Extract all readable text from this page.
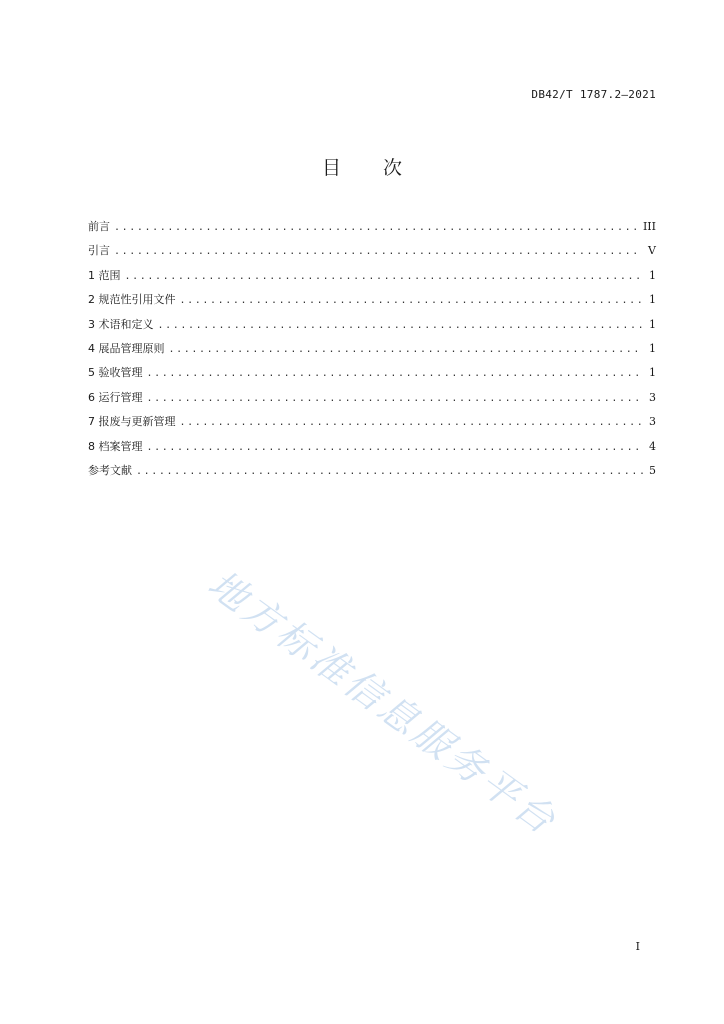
DB42/T 1787.2—2021
目 次
前言 .....	III
引言 .....	V
1 范围 .....	1
2 规范性引用文件 .....	1
3 术语和定义 .....	1
4 展品管理原则 .....	1
5 验收管理 .....	1
6 运行管理 .....	3
7 报废与更新管理 .....	3
8 档案管理 .....	4
参考文献 .....	5
地方标准信息服务平台
I
